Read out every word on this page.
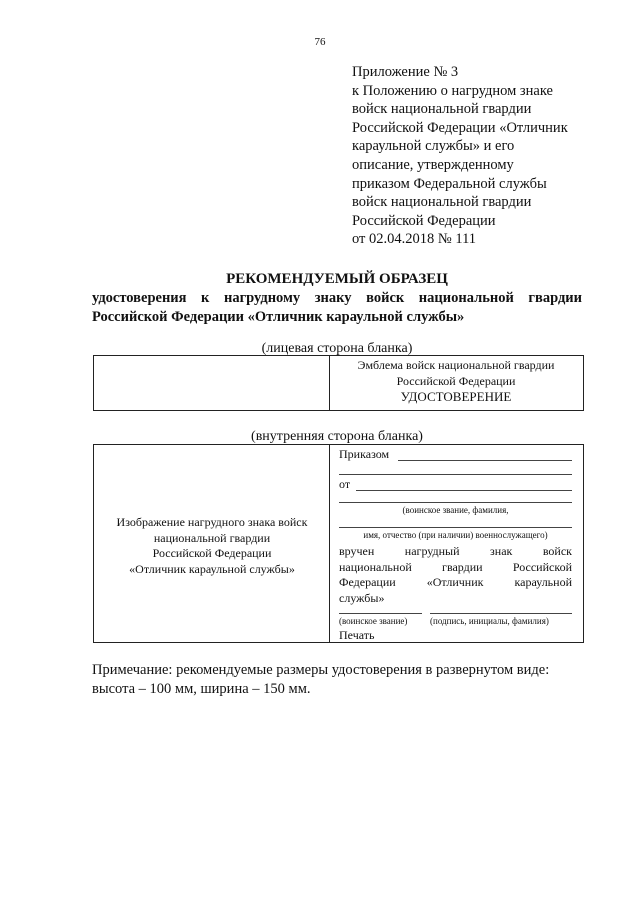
76
Приложение № 3
к Положению о нагрудном знаке
войск национальной гвардии
Российской Федерации «Отличник
караульной службы» и его
описание, утвержденному
приказом Федеральной службы
войск национальной гвардии
Российской Федерации
от 02.04.2018 № 111
РЕКОМЕНДУЕМЫЙ ОБРАЗЕЦ
удостоверения к нагрудному знаку войск национальной гвардии
Российской Федерации «Отличник караульной службы»
(лицевая сторона бланка)
Эмблема войск национальной гвардии
Российской Федерации
УДОСТОВЕРЕНИЕ
(внутренняя сторона бланка)
Изображение нагрудного знака войск
национальной гвардии
Российской Федерации
«Отличник караульной службы»
Приказом
от
(воинское звание, фамилия,
имя, отчество (при наличии) военнослужащего)
вручен нагрудный знак войск
национальной гвардии Российской
Федерации «Отличник караульной
службы»
(воинское звание)	(подпись, инициалы, фамилия)
Печать
Примечание: рекомендуемые размеры удостоверения в развернутом виде:
высота – 100 мм, ширина – 150 мм.
